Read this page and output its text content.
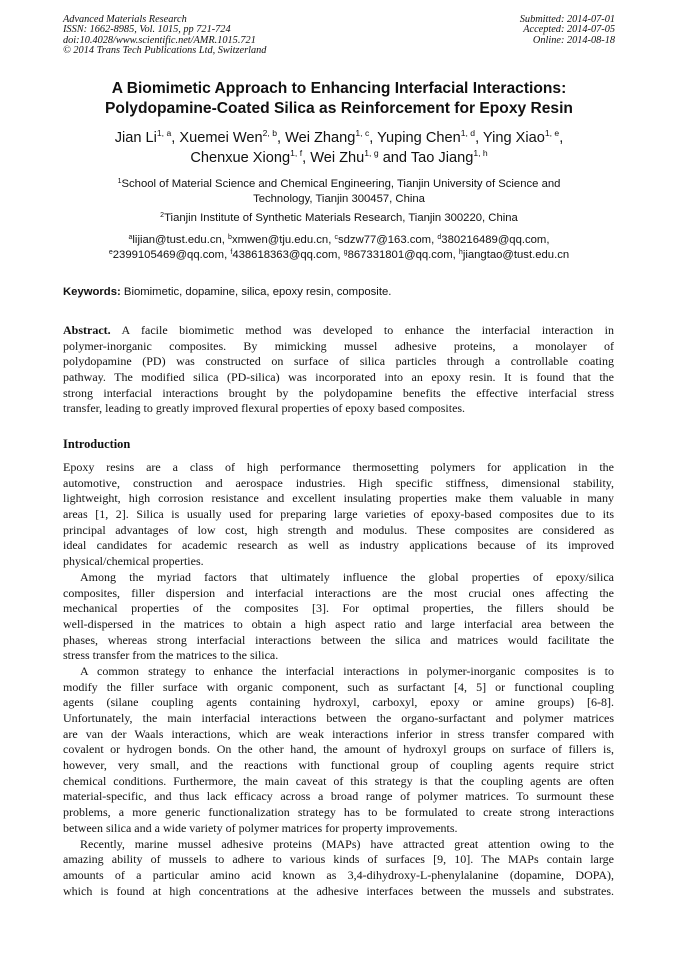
Advanced Materials Research
ISSN: 1662-8985, Vol. 1015, pp 721-724
doi:10.4028/www.scientific.net/AMR.1015.721
© 2014 Trans Tech Publications Ltd, Switzerland
Submitted: 2014-07-01
Accepted: 2014-07-05
Online: 2014-08-18
A Biomimetic Approach to Enhancing Interfacial Interactions:
Polydopamine-Coated Silica as Reinforcement for Epoxy Resin
Jian Li$^{1, a}$, Xuemei Wen$^{2, b}$, Wei Zhang$^{1, c}$, Yuping Chen$^{1, d}$, Ying Xiao$^{1, e}$,
Chenxue Xiong$^{1, f}$, Wei Zhu$^{1, g}$ and Tao Jiang$^{1, h}$
$^1$School of Material Science and Chemical Engineering, Tianjin University of Science and
Technology, Tianjin 300457, China
$^2$Tianjin Institute of Synthetic Materials Research, Tianjin 300220, China
$^a$lijian@tust.edu.cn, $^b$xmwen@tju.edu.cn, $^c$sdzw77@163.com, $^d$380216489@qq.com,
$^e$2399105469@qq.com, $^f$438618363@qq.com, $^g$867331801@qq.com, $^h$jiangtao@tust.edu.cn
Keywords: Biomimetic, dopamine, silica, epoxy resin, composite.
Abstract. A facile biomimetic method was developed to enhance the interfacial interaction in
polymer-inorganic composites. By mimicking mussel adhesive proteins, a monolayer of
polydopamine (PD) was constructed on surface of silica particles through a controllable coating
pathway. The modified silica (PD-silica) was incorporated into an epoxy resin. It is found that the
strong interfacial interactions brought by the polydopamine benefits the effective interfacial stress
transfer, leading to greatly improved flexural properties of epoxy based composites.
Introduction
Epoxy resins are a class of high performance thermosetting polymers for application in the
automotive, construction and aerospace industries. High specific stiffness, dimensional stability,
lightweight, high corrosion resistance and excellent insulating properties make them valuable in many
areas [1, 2]. Silica is usually used for preparing large varieties of epoxy-based composites due to its
principal advantages of low cost, high strength and modulus. These composites are considered as
ideal candidates for academic research as well as industry applications because of its improved
physical/chemical properties.
Among the myriad factors that ultimately influence the global properties of epoxy/silica
composites, filler dispersion and interfacial interactions are the most crucial ones affecting the
mechanical properties of the composites [3]. For optimal properties, the fillers should be
well-dispersed in the matrices to obtain a high aspect ratio and large interfacial area between the
phases, whereas strong interfacial interactions between the silica and matrices would facilitate the
stress transfer from the matrices to the silica.
A common strategy to enhance the interfacial interactions in polymer-inorganic composites is to
modify the filler surface with organic component, such as surfactant [4, 5] or functional coupling
agents (silane coupling agents containing hydroxyl, carboxyl, epoxy or amine groups) [6-8].
Unfortunately, the main interfacial interactions between the organo-surfactant and polymer matrices
are van der Waals interactions, which are weak interactions inferior in stress transfer compared with
covalent or hydrogen bonds. On the other hand, the amount of hydroxyl groups on surface of fillers is,
however, very small, and the reactions with functional group of coupling agents require strict
chemical conditions. Furthermore, the main caveat of this strategy is that the coupling agents are often
material-specific, and thus lack efficacy across a broad range of polymer matrices. To surmount these
problems, a more generic functionalization strategy has to be formulated to create strong interactions
between silica and a wide variety of polymer matrices for property improvements.
Recently, marine mussel adhesive proteins (MAPs) have attracted great attention owing to the
amazing ability of mussels to adhere to various kinds of surfaces [9, 10]. The MAPs contain large
amounts of a particular amino acid known as 3,4-dihydroxy-L-phenylalanine (dopamine, DOPA),
which is found at high concentrations at the adhesive interfaces between the mussels and substrates.
